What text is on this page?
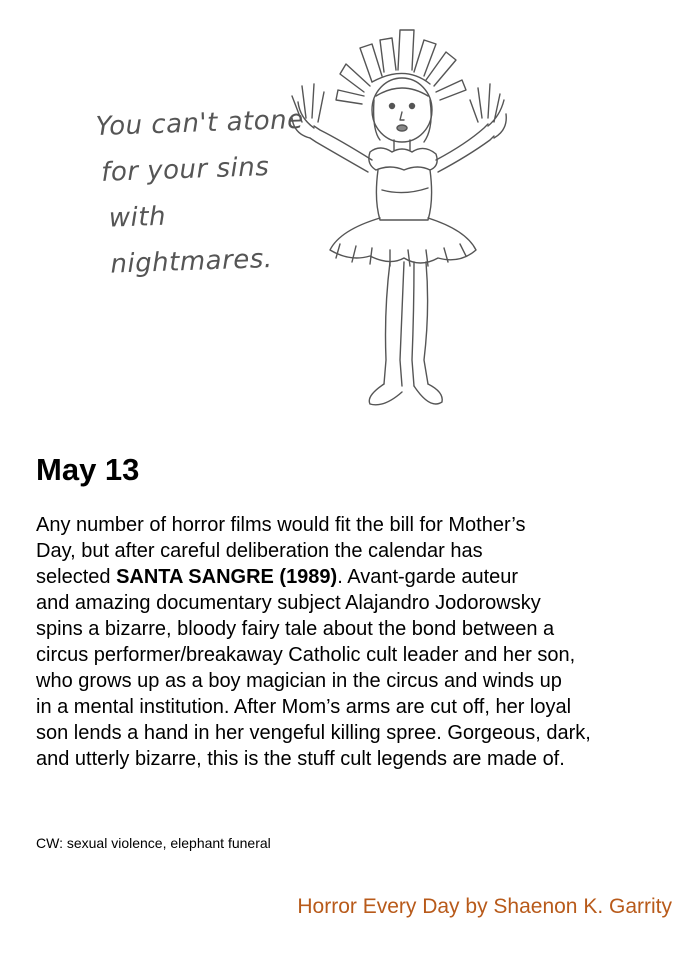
You can't atone
for your sins
with nightmares.
May 13
Any number of horror films would fit the bill for Mother’s
Day, but after careful deliberation the calendar has
selected SANTA SANGRE (1989). Avant-garde auteur
and amazing documentary subject Alajandro Jodorowsky
spins a bizarre, bloody fairy tale about the bond between a
circus performer/breakaway Catholic cult leader and her son,
who grows up as a boy magician in the circus and winds up
in a mental institution. After Mom’s arms are cut off, her loyal
son lends a hand in her vengeful killing spree. Gorgeous, dark,
and utterly bizarre, this is the stuff cult legends are made of.
CW: sexual violence, elephant funeral
Horror Every Day by Shaenon K. Garrity
